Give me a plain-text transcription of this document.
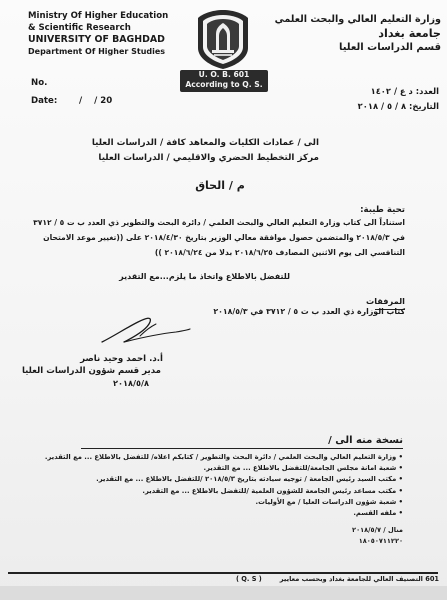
Ministry Of Higher Education
& Scientific Research
UNIVERSITY OF BAGHDAD
Department Of Higher Studies
وزارة التعليم العالي والبحث العلمي
جامعة بغداد
قسم الدراسات العليا
U. O. B. 601
According to Q. S.
No.
Date:	/    / 20
العدد: د ع / ١٤٠٢
التاريخ: ٨ / ٥ / ٢٠١٨
الى / عمادات الكليات والمعاهد كافة / الدراسات العليا
مركز التخطيط الحضري والاقليمي / الدراسات العليا
م / الحاق
تحية طيبة:
استناداً الى كتاب وزارة التعليم العالي والبحث العلمي / دائرة البحث والتطوير ذي العدد ب ت ٥ / ٣٧١٢
في ٢٠١٨/٥/٣ والمتضمن حصول موافقة معالي الوزير بتاريخ ٢٠١٨/٤/٣٠ على ((تغيير موعد الامتحان
التنافسي الى يوم الاثنين المصادف ٢٠١٨/٦/٢٥ بدلا من ٢٠١٨/٦/٢٤ ))
للتفضل بالاطلاع واتخاذ ما يلزم...مع التقدير
المرفقات
كتاب الوزارة ذي العدد ب ت ٥ / ٣٧١٢ في ٢٠١٨/٥/٣
أ.د. احمد وحيد ناصر
مدير قسم شؤون الدراسات العليا
٢٠١٨/٥/٨
نسخة منه الى /
• وزارة التعليم العالي والبحث العلمي / دائرة البحث والتطوير / كتابكم اعلاه/ للتفضل بالاطلاع ... مع التقدير.
• شعبة امانة مجلس الجامعة/للتفضل بالاطلاع ... مع التقدير.
• مكتب السيد رئيس الجامعة / توجيه سيادته بتاريخ ٢٠١٨/٥/٣ /للتفضل بالاطلاع ... مع التقدير.
• مكتب مساعد رئيس الجامعة للشؤون العلمية /للتفضل بالاطلاع ... مع التقدير.
• شعبة شؤون الدراسات العليا / مع الأوليات.
• ملفه القسم.
منال / ٢٠١٨/٥/٧
١٨٠٥٠٧١١٢٢٠
( Q. S )	601 التصنيف العالي للجامعة بغداد وبحسب معايير
